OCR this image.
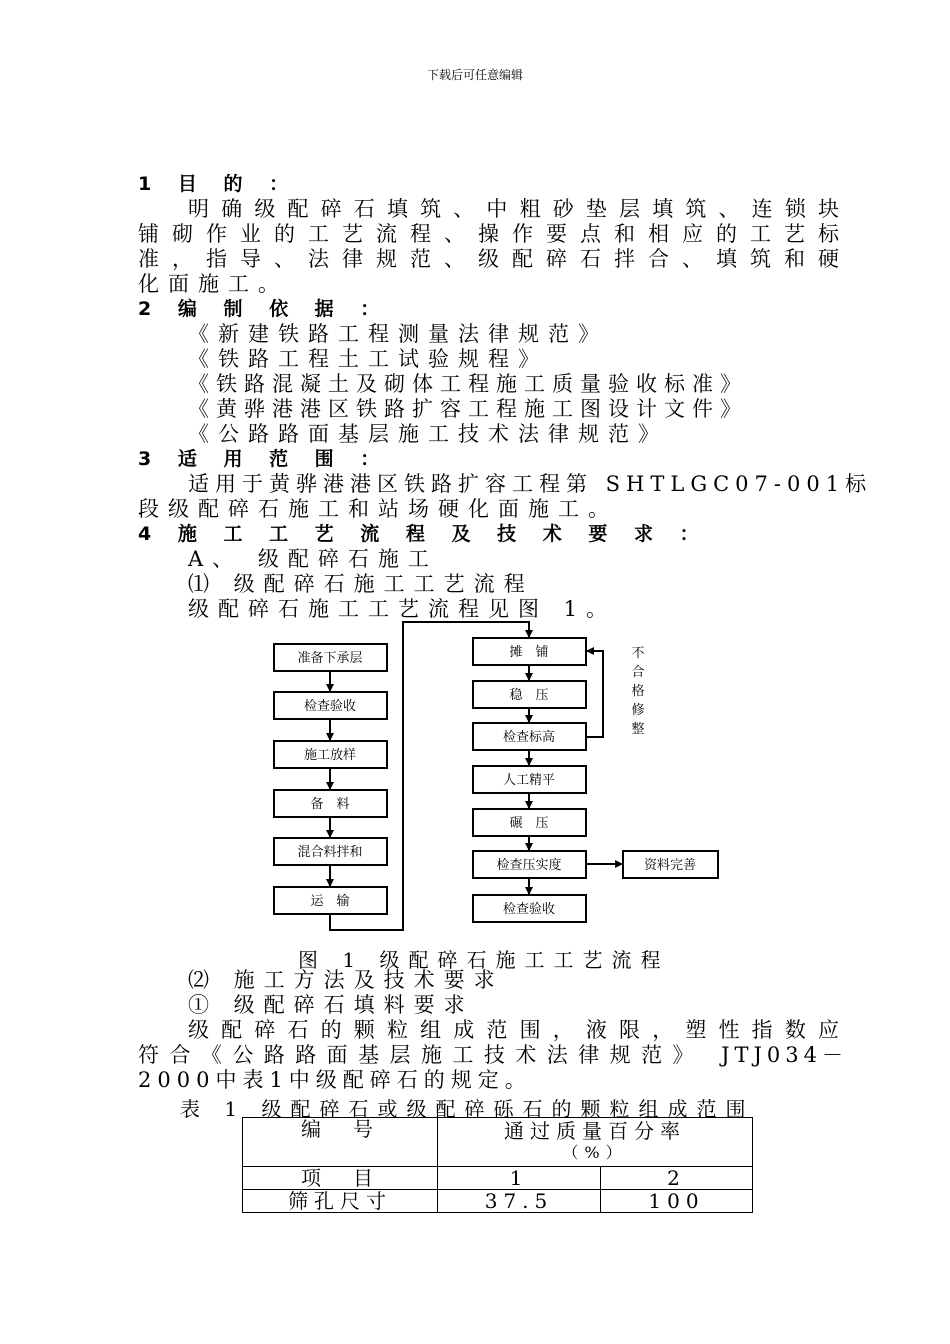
下载后可任意编辑
1 目 的 ：
明确级配碎石填筑、中粗砂垫层填筑、连锁块
铺砌作业的工艺流程、操作要点和相应的工艺标
准，指导、法律规范、级配碎石拌合、填筑和硬
化面施工。
2 编 制 依 据 ：
《新建铁路工程测量法律规范》
《铁路工程土工试验规程》
《铁路混凝土及砌体工程施工质量验收标准》
《黄骅港港区铁路扩容工程施工图设计文件》
《公路路面基层施工技术法律规范》
3 适 用 范 围 ：
适用于黄骅港港区铁路扩容工程第 SHTLGC07-001标
段级配碎石施工和站场硬化面施工。
4 施 工 工 艺 流 程 及 技 术 要 求 ：
A、 级配碎石施工
⑴ 级配碎石施工工艺流程
级配碎石施工工艺流程见图 1。
准备下承层
检查验收
施工放样
备　料
混合料拌和
运　输
摊　铺
稳　压
检查标高
人工精平
碾　压
检查压实度
检查验收
资料完善
不
合
格
修
整
图 1 级配碎石施工工艺流程
⑵ 施工方法及技术要求
① 级配碎石填料要求
级配碎石的颗粒组成范围，液限，塑性指数应
符合《公路路面基层施工技术法律规范》 JTJ034－
2000中表1中级配碎石的规定。
表 1 级配碎石或级配碎砾石的颗粒组成范围
编　号	通过质量百分率
（%）	

项　目	1	2
筛孔尺寸	37.5	100
